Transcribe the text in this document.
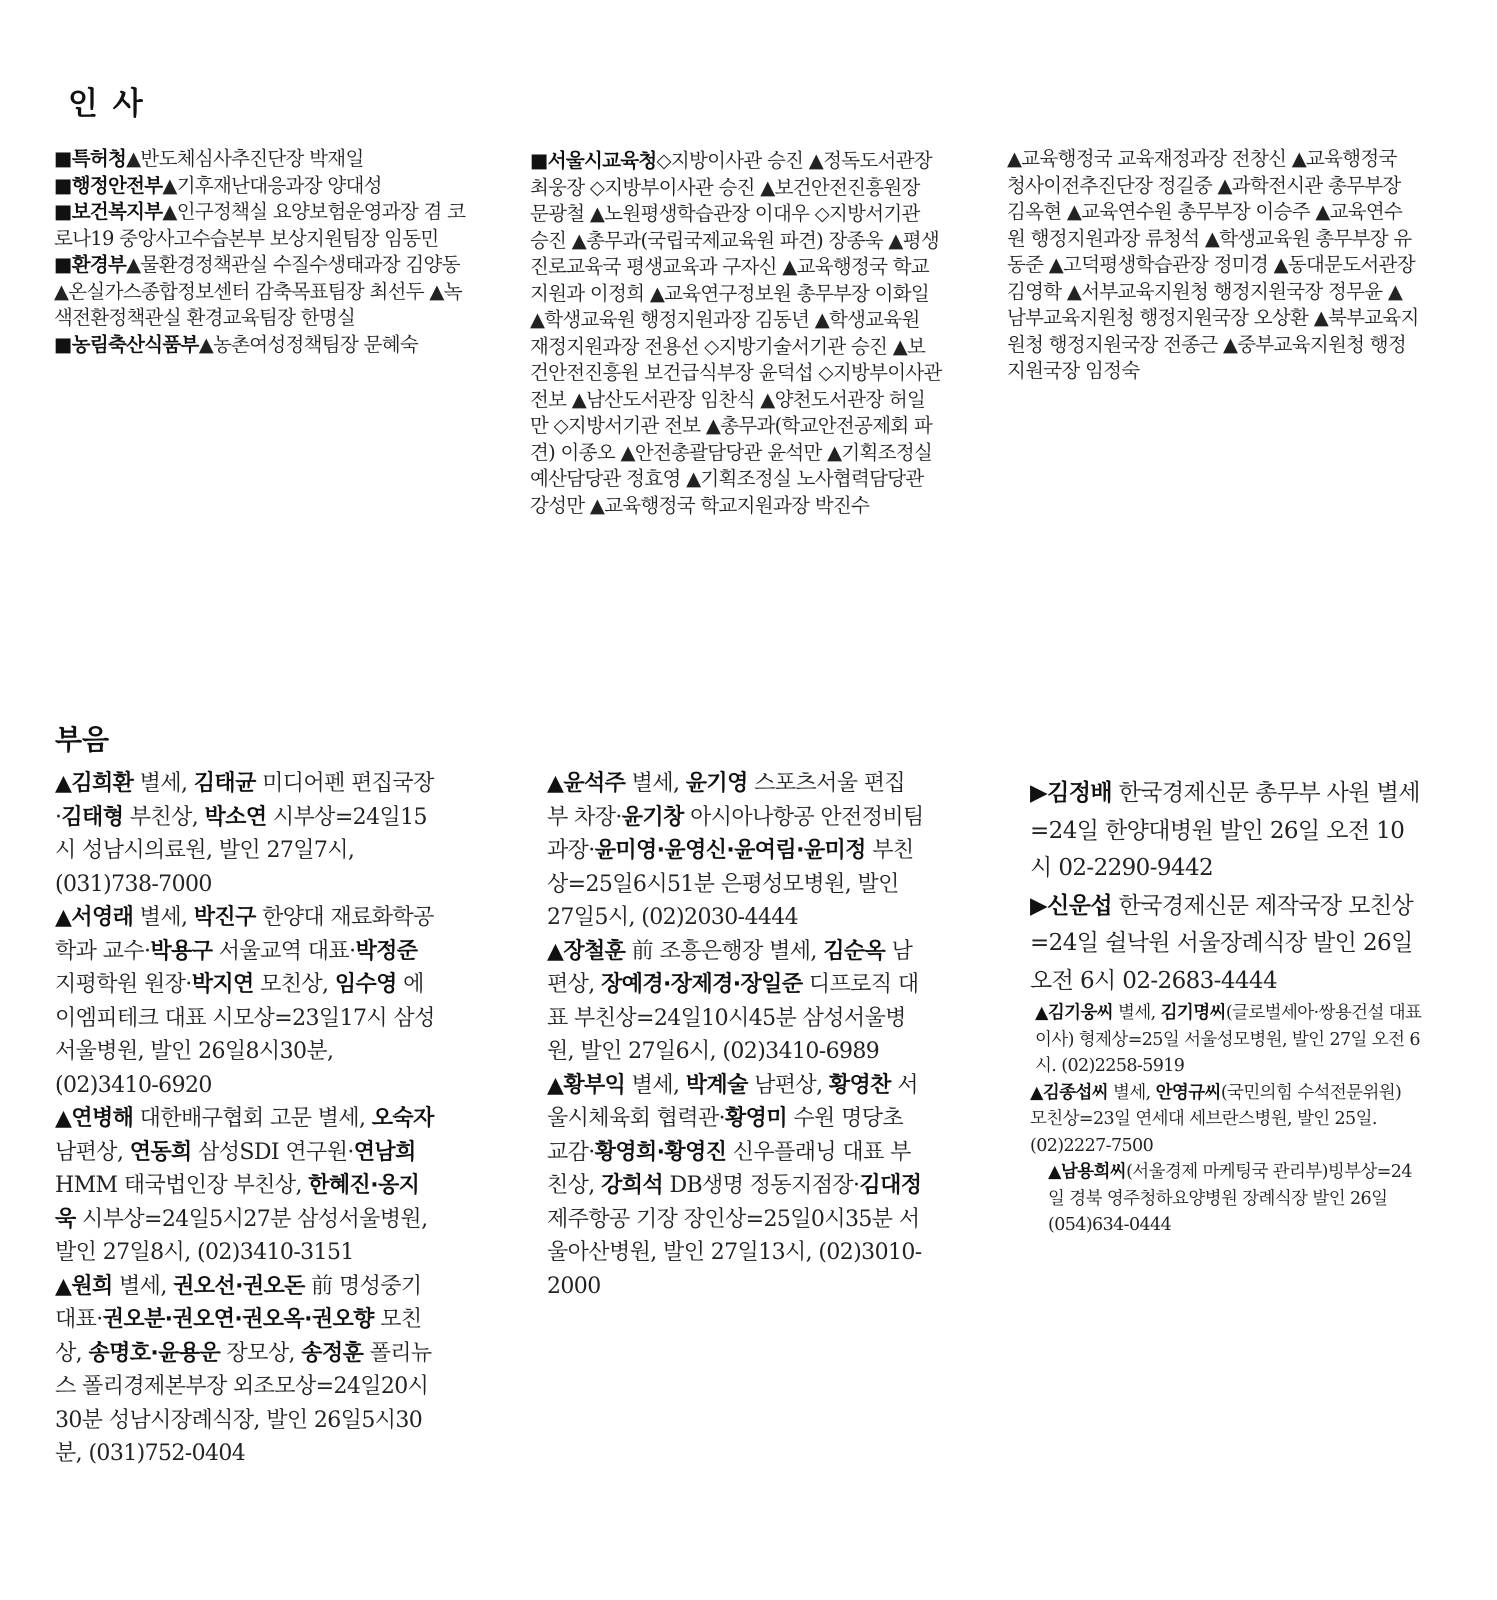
인 사

■특허청▲반도체심사추진단장 박재일

■행정안전부▲기후재난대응과장 양대성

■보건복지부▲인구정책실 요양보험운영과장 겸 코로나19 중앙사고수습본부 보상지원팀장 임동민

■환경부▲물환경정책관실 수질수생태과장 김양동 ▲온실가스종합정보센터 감축목표팀장 최선두 ▲녹색전환정책관실 환경교육팀장 한명실

■농림축산식품부▲농촌여성정책팀장 문혜숙

■서울시교육청◇지방이사관 승진 ▲정독도서관장 최웅장 ◇지방부이사관 승진 ▲보건안전진흥원장 문광철 ▲노원평생학습관장 이대우 ◇지방서기관 승진 ▲총무과(국립국제교육원 파견) 장종욱 ▲평생진로교육국 평생교육과 구자신 ▲교육행정국 학교지원과 이정희 ▲교육연구정보원 총무부장 이화일 ▲학생교육원 행정지원과장 김동년 ▲학생교육원 재정지원과장 전용선 ◇지방기술서기관 승진 ▲보건안전진흥원 보건급식부장 윤덕섭 ◇지방부이사관 전보 ▲남산도서관장 임찬식 ▲양천도서관장 허일만 ◇지방서기관 전보 ▲총무과(학교안전공제회 파견) 이종오 ▲안전총괄담당관 윤석만 ▲기획조정실 예산담당관 정효영 ▲기획조정실 노사협력담당관 강성만 ▲교육행정국 학교지원과장 박진수

▲교육행정국 교육재정과장 전창신 ▲교육행정국 청사이전추진단장 정길중 ▲과학전시관 총무부장 김옥현 ▲교육연수원 총무부장 이승주 ▲교육연수원 행정지원과장 류청석 ▲학생교육원 총무부장 유동준 ▲고덕평생학습관장 정미경 ▲동대문도서관장 김영학 ▲서부교육지원청 행정지원국장 정무윤 ▲남부교육지원청 행정지원국장 오상환 ▲북부교육지원청 행정지원국장 전종근 ▲중부교육지원청 행정지원국장 임정숙

부음

▲김희환 별세, 김태균 미디어펜 편집국장·김태형 부친상, 박소연 시부상=24일15시 성남시의료원, 발인 27일7시, (031)738-7000

▲서영래 별세, 박진구 한양대 재료화학공학과 교수·박용구 서울교역 대표·박정준 지평학원 원장·박지연 모친상, 임수영 에이엠피테크 대표 시모상=23일17시 삼성서울병원, 발인 26일8시30분, (02)3410-6920

▲연병해 대한배구협회 고문 별세, 오숙자 남편상, 연동희 삼성SDI 연구원·연남희 HMM 태국법인장 부친상, 한혜진·옹지욱 시부상=24일5시27분 삼성서울병원, 발인 27일8시, (02)3410-3151

▲원희 별세, 권오선·권오돈 前 명성중기 대표·권오분·권오연·권오옥·권오향 모친상, 송명호·윤용운 장모상, 송정훈 폴리뉴스 폴리경제본부장 외조모상=24일20시30분 성남시장례식장, 발인 26일5시30분, (031)752-0404

▲윤석주 별세, 윤기영 스포츠서울 편집부 차장·윤기창 아시아나항공 안전정비팀 과장·윤미영·윤영신·윤여림·윤미정 부친상=25일6시51분 은평성모병원, 발인 27일5시, (02)2030-4444

▲장철훈 前 조흥은행장 별세, 김순옥 남편상, 장예경·장제경·장일준 디프로직 대표 부친상=24일10시45분 삼성서울병원, 발인 27일6시, (02)3410-6989

▲황부익 별세, 박계술 남편상, 황영찬 서울시체육회 협력관·황영미 수원 명당초 교감·황영희·황영진 신우플래닝 대표 부친상, 강희석 DB생명 정동지점장·김대정 제주항공 기장 장인상=25일0시35분 서울아산병원, 발인 27일13시, (02)3010-2000

▶김정배 한국경제신문 총무부 사원 별세=24일 한양대병원 발인 26일 오전 10시 02-2290-9442

▶신운섭 한국경제신문 제작국장 모친상=24일 쉴낙원 서울장례식장 발인 26일 오전 6시 02-2683-4444

▲김기웅씨 별세, 김기명씨(글로벌세아·쌍용건설 대표이사) 형제상=25일 서울성모병원, 발인 27일 오전 6시. (02)2258-5919

▲김종섭씨 별세, 안영규씨(국민의힘 수석전문위원) 모친상=23일 연세대 세브란스병원, 발인 25일. (02)2227-7500

▲남용희씨(서울경제 마케팅국 관리부)빙부상=24일 경북 영주청하요양병원 장례식장 발인 26일 (054)634-0444
